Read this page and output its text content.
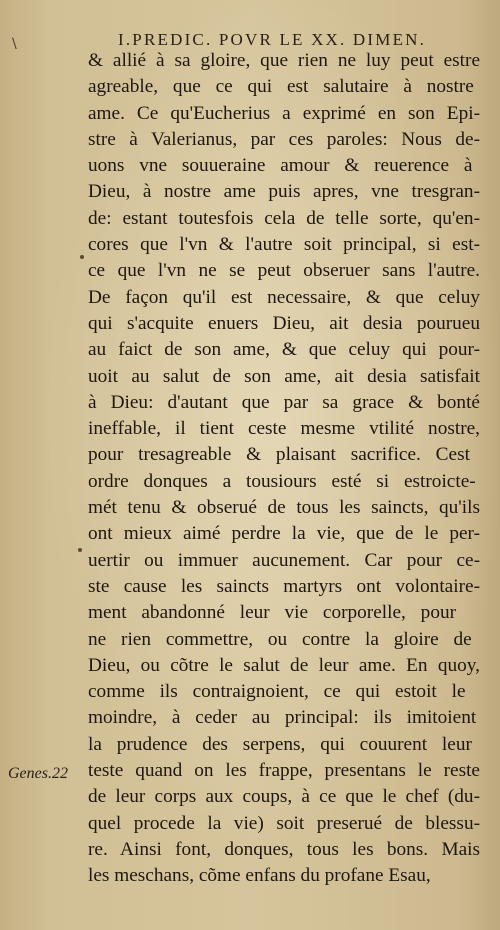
\	I.PREDIC. POVR LE XX. DIMEN.
& allié à sa gloire, que rien ne luy peut estre
agreable, que ce qui est salutaire à nostre
ame. Ce qu'Eucherius a exprimé en son Epi-
stre à Valerianus, par ces paroles: Nous de-
uons vne souueraine amour & reuerence à
Dieu, à nostre ame puis apres, vne tresgran-
de: estant toutesfois cela de telle sorte, qu'en-
cores que l'vn & l'autre soit principal, si est-
ce que l'vn ne se peut obseruer sans l'autre.
De façon qu'il est necessaire, & que celuy
qui s'acquite enuers Dieu, ait desia pourueu
au faict de son ame, & que celuy qui pour-
uoit au salut de son ame, ait desia satisfait
à Dieu: d'autant que par sa grace & bonté
ineffable, il tient ceste mesme vtilité nostre,
pour tresagreable & plaisant sacrifice. Cest
ordre donques a tousiours esté si estroicte-
mét tenu & obserué de tous les saincts, qu'ils
ont mieux aimé perdre la vie, que de le per-
uertir ou immuer aucunement. Car pour ce-
ste cause les saincts martyrs ont volontaire-
ment abandonné leur vie corporelle, pour
ne rien commettre, ou contre la gloire de
Dieu, ou cõtre le salut de leur ame. En quoy,
comme ils contraignoient, ce qui estoit le
moindre, à ceder au principal: ils imitoient
la prudence des serpens, qui couurent leur
teste quand on les frappe, presentans le reste
de leur corps aux coups, à ce que le chef (du-
quel procede la vie) soit preserué de blessu-
re. Ainsi font, donques, tous les bons. Mais
les meschans, cõme enfans du profane Esau,
Genes.22
